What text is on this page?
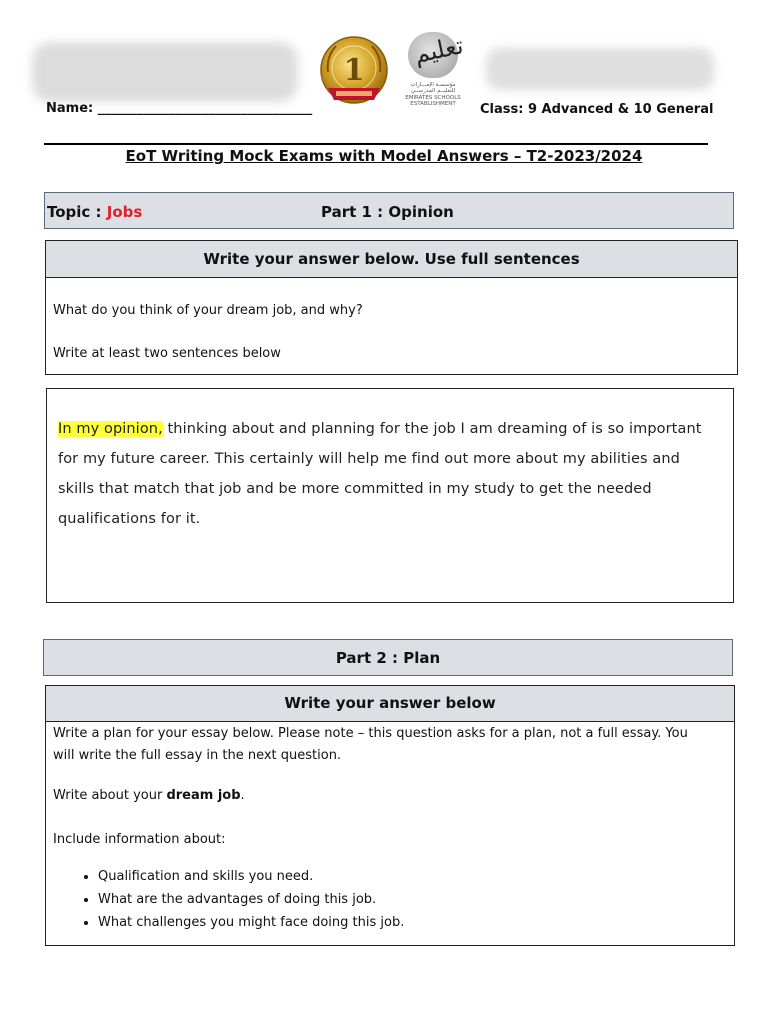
1
تعليم
مؤسسـة الإمـــارات
للتعليــم المدرســي
EMIRATES SCHOOLS
ESTABLISHMENT
Name: _________________________________	Class: 9 Advanced & 10 General
EoT Writing Mock Exams with Model Answers – T2-2023/2024
Topic : Jobs	Part 1 : Opinion
Write your answer below. Use full sentences
What do you think of your dream job, and why?
Write at least two sentences below
In my opinion, thinking about and planning for the job I am dreaming of is so important for my future career. This certainly will help me find out more about my abilities and skills that match that job and be more committed in my study to get the needed qualifications for it.
Part 2 : Plan
Write your answer below
Write a plan for your essay below. Please note – this question asks for a plan, not a full essay. You will write the full essay in the next question.
Write about your dream job.
Include information about:
• Qualification and skills you need.
• What are the advantages of doing this job.
• What challenges you might face doing this job.
